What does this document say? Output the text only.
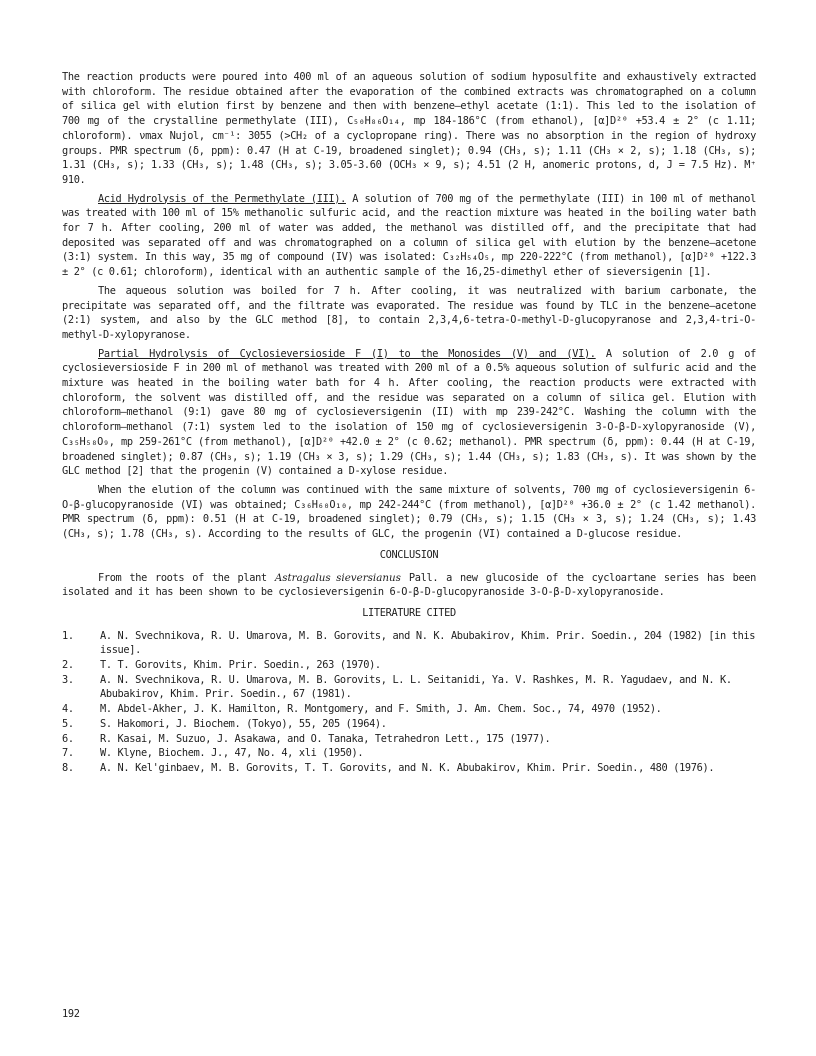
The reaction products were poured into 400 ml of an aqueous solution of sodium hyposulfite and exhaustively extracted with chloroform. The residue obtained after the evaporation of the combined extracts was chromatographed on a column of silica gel with elution first by benzene and then with benzene–ethyl acetate (1:1). This led to the isolation of 700 mg of the crystalline permethylate (III), C₅₀H₈₆O₁₄, mp 184-186°C (from ethanol), [α]D²⁰ +53.4 ± 2° (c 1.11; chloroform). νmax Nujol, cm⁻¹: 3055 (>CH₂ of a cyclopropane ring). There was no absorption in the region of hydroxy groups. PMR spectrum (δ, ppm): 0.47 (H at C-19, broadened singlet); 0.94 (CH₃, s); 1.11 (CH₃ × 2, s); 1.18 (CH₃, s); 1.31 (CH₃, s); 1.33 (CH₃, s); 1.48 (CH₃, s); 3.05-3.60 (OCH₃ × 9, s); 4.51 (2 H, anomeric protons, d, J = 7.5 Hz). M⁺ 910.

Acid Hydrolysis of the Permethylate (III). A solution of 700 mg of the permethylate (III) in 100 ml of methanol was treated with 100 ml of 15% methanolic sulfuric acid, and the reaction mixture was heated in the boiling water bath for 7 h. After cooling, 200 ml of water was added, the methanol was distilled off, and the precipitate that had deposited was separated off and was chromatographed on a column of silica gel with elution by the benzene–acetone (3:1) system. In this way, 35 mg of compound (IV) was isolated: C₃₂H₅₄O₅, mp 220-222°C (from methanol), [α]D²⁰ +122.3 ± 2° (c 0.61; chloroform), identical with an authentic sample of the 16,25-dimethyl ether of sieversigenin [1].

The aqueous solution was boiled for 7 h. After cooling, it was neutralized with barium carbonate, the precipitate was separated off, and the filtrate was evaporated. The residue was found by TLC in the benzene–acetone (2:1) system, and also by the GLC method [8], to contain 2,3,4,6-tetra-O-methyl-D-glucopyranose and 2,3,4-tri-O-methyl-D-xylopyranose.

Partial Hydrolysis of Cyclosieversioside F (I) to the Monosides (V) and (VI). A solution of 2.0 g of cyclosieversioside F in 200 ml of methanol was treated with 200 ml of a 0.5% aqueous solution of sulfuric acid and the mixture was heated in the boiling water bath for 4 h. After cooling, the reaction products were extracted with chloroform, the solvent was distilled off, and the residue was separated on a column of silica gel. Elution with chloroform–methanol (9:1) gave 80 mg of cyclosieversigenin (II) with mp 239-242°C. Washing the column with the chloroform–methanol (7:1) system led to the isolation of 150 mg of cyclosieversigenin 3-O-β-D-xylopyranoside (V), C₃₅H₅₈O₉, mp 259-261°C (from methanol), [α]D²⁰ +42.0 ± 2° (c 0.62; methanol). PMR spectrum (δ, ppm): 0.44 (H at C-19, broadened singlet); 0.87 (CH₃, s); 1.19 (CH₃ × 3, s); 1.29 (CH₃, s); 1.44 (CH₃, s); 1.83 (CH₃, s). It was shown by the GLC method [2] that the progenin (V) contained a D-xylose residue.

When the elution of the column was continued with the same mixture of solvents, 700 mg of cyclosieversigenin 6-O-β-glucopyranoside (VI) was obtained; C₃₆H₆₀O₁₀, mp 242-244°C (from methanol), [α]D²⁰ +36.0 ± 2° (c 1.42 methanol). PMR spectrum (δ, ppm): 0.51 (H at C-19, broadened singlet); 0.79 (CH₃, s); 1.15 (CH₃ × 3, s); 1.24 (CH₃, s); 1.43 (CH₃, s); 1.78 (CH₃, s). According to the results of GLC, the progenin (VI) contained a D-glucose residue.

CONCLUSION

From the roots of the plant Astragalus sieversianus Pall. a new glucoside of the cycloartane series has been isolated and it has been shown to be cyclosieversigenin 6-O-β-D-glucopyranoside 3-O-β-D-xylopyranoside.

LITERATURE CITED
1.	A. N. Svechnikova, R. U. Umarova, M. B. Gorovits, and N. K. Abubakirov, Khim. Prir. Soedin., 204 (1982) [in this issue].
2.	T. T. Gorovits, Khim. Prir. Soedin., 263 (1970).
3.	A. N. Svechnikova, R. U. Umarova, M. B. Gorovits, L. L. Seitanidi, Ya. V. Rashkes, M. R. Yagudaev, and N. K. Abubakirov, Khim. Prir. Soedin., 67 (1981).
4.	M. Abdel-Akher, J. K. Hamilton, R. Montgomery, and F. Smith, J. Am. Chem. Soc., 74, 4970 (1952).
5.	S. Hakomori, J. Biochem. (Tokyo), 55, 205 (1964).
6.	R. Kasai, M. Suzuo, J. Asakawa, and O. Tanaka, Tetrahedron Lett., 175 (1977).
7.	W. Klyne, Biochem. J., 47, No. 4, xli (1950).
8.	A. N. Kel'ginbaev, M. B. Gorovits, T. T. Gorovits, and N. K. Abubakirov, Khim. Prir. Soedin., 480 (1976).
192
